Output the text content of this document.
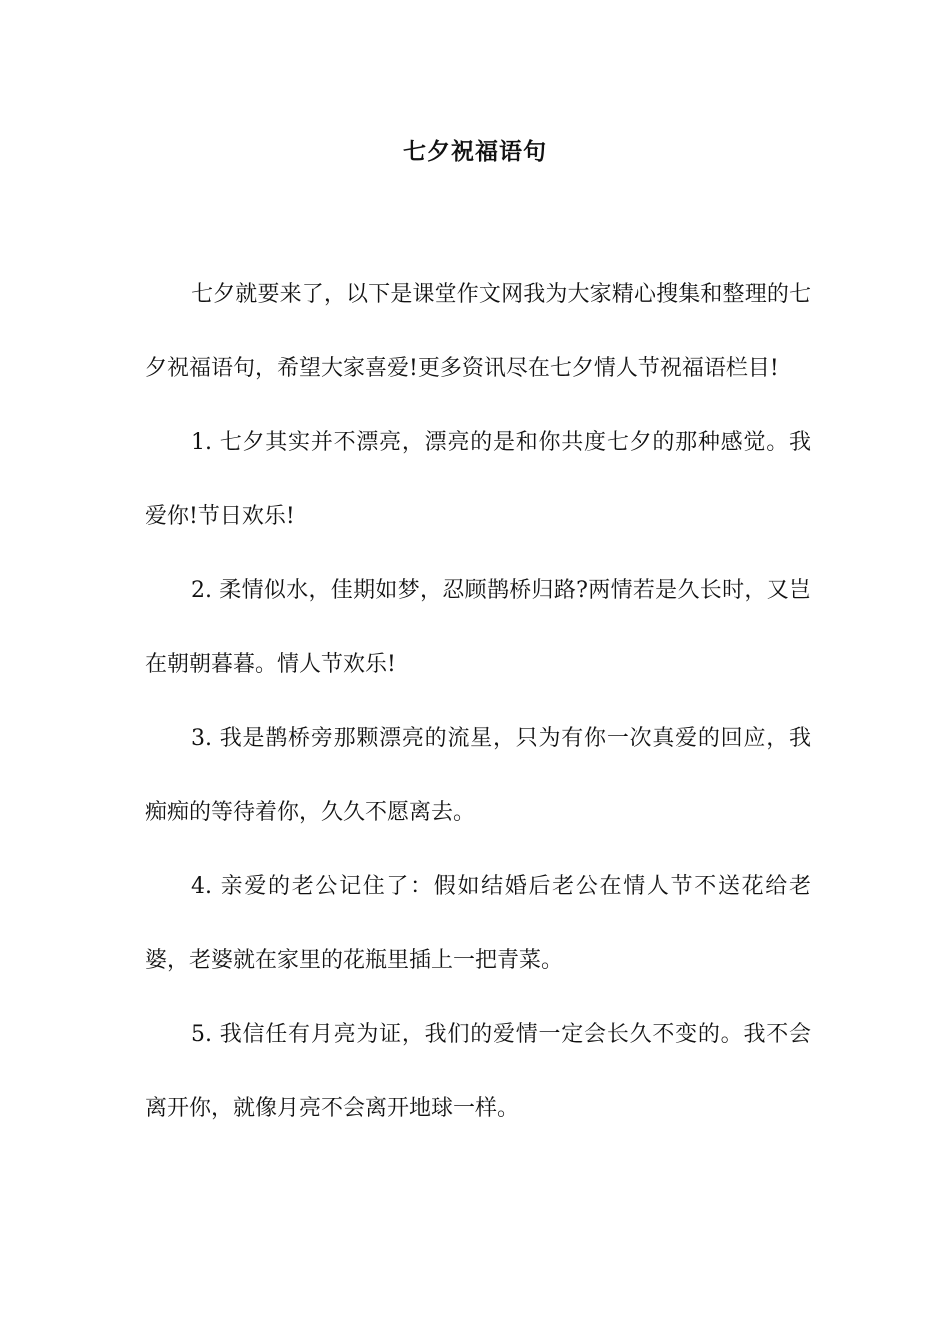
七夕祝福语句

七夕就要来了，以下是课堂作文网我为大家精心搜集和整理的七夕祝福语句，希望大家喜爱!更多资讯尽在七夕情人节祝福语栏目!

1. 七夕其实并不漂亮，漂亮的是和你共度七夕的那种感觉。我爱你!节日欢乐!

2. 柔情似水，佳期如梦，忍顾鹊桥归路?两情若是久长时，又岂在朝朝暮暮。情人节欢乐!

3. 我是鹊桥旁那颗漂亮的流星，只为有你一次真爱的回应，我痴痴的等待着你，久久不愿离去。

4. 亲爱的老公记住了：假如结婚后老公在情人节不送花给老婆，老婆就在家里的花瓶里插上一把青菜。

5. 我信任有月亮为证，我们的爱情一定会长久不变的。我不会离开你，就像月亮不会离开地球一样。
